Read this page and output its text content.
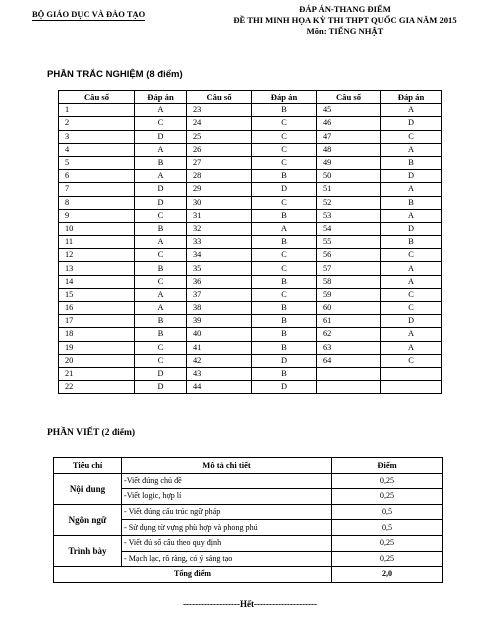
BỘ GIÁO DỤC VÀ ĐÀO TẠO	ĐÁP ÁN-THANG ĐIỂM
ĐỀ THI MINH HỌA KỲ THI THPT QUỐC GIA NĂM 2015
Môn: TIẾNG NHẬT
PHẦN TRẮC NGHIỆM (8 điểm)
Câu số	Đáp án	Câu số	Đáp án	Câu số	Đáp án
1	A	23	B	45	A
2	C	24	C	46	D
3	D	25	C	47	C
4	A	26	C	48	A
5	B	27	C	49	B
6	A	28	B	50	D
7	D	29	D	51	A
8	D	30	C	52	B
9	C	31	B	53	A
10	B	32	A	54	D
11	A	33	B	55	B
12	C	34	C	56	C
13	B	35	C	57	A
14	C	36	B	58	A
15	A	37	C	59	C
16	A	38	B	60	C
17	B	39	B	61	D
18	B	40	B	62	A
19	C	41	B	63	A
20	C	42	D	64	C
21	D	43	B		
22	D	44	D		
PHẦN VIẾT (2 điểm)
Tiêu chí	Mô tả chi tiết	Điểm
Nội dung	-Viết đúng chủ đề	0,25
	-Viết logic, hợp lí	0,25
Ngôn ngữ	- Viết đúng cấu trúc ngữ pháp	0,5
	- Sử dụng từ vựng phù hợp và phong phú	0,5
Trình bày	- Viết đủ số câu theo quy định	0,25
	- Mạch lạc, rõ ràng, có ý sáng tạo	0,25
Tổng điểm		2,0
-------------------Hết---------------------
